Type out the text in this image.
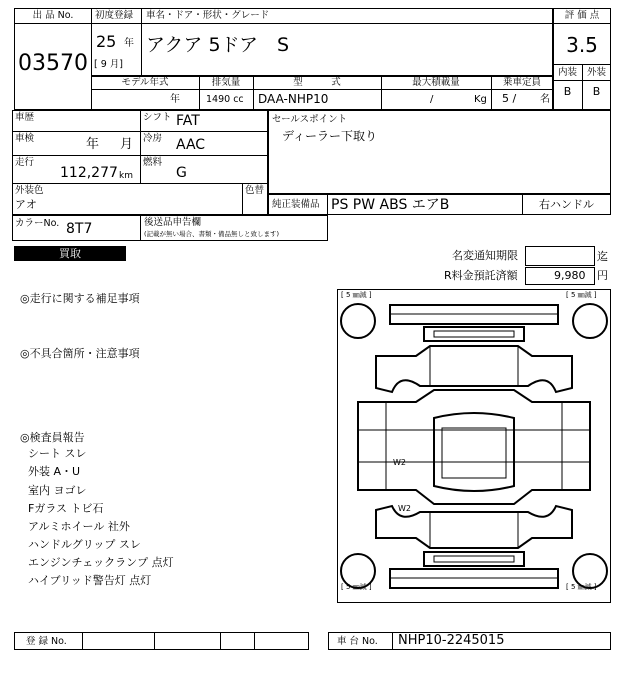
出 品 No.
03570
初度登録 車名・ドア・形状・グレード
25 年
[ 9 月]
アクア 5ドア　S
評 価 点
3.5
内装	外装
B	B
モデル年式	排気量	型　　　式	最大積載量	乗車定員
年	1490 cc DAA-NHP10	/	Kg 5 / 名
車歴	シフト FAT
車検	年 月 冷房 AAC
走行
112,277 km
燃料
G
外装色
アオ
色替
セールスポイント
ディーラー下取り
純正装備品 PS PW ABS エアB	右ハンドル
カラーNo. 8T7	後送品申告欄
(記載が無い場合、書類・備品無しと致します)
買取	名変通知期限	迄
R料金預託済額	9,980 円
◎走行に関する補足事項
◎不具合箇所・注意事項
◎検査員報告
シート スレ
外装 A・U
室内 ヨゴレ
Fガラス トビ石
アルミホイール 社外
ハンドルグリップ スレ
エンジンチェックランプ 点灯
ハイブリッド警告灯 点灯
[ 5 ㎜減 ]	[ 5 ㎜減 ]
[ 5 ㎜減 ]	[ 5 ㎜減 ]
W2
W2
登 録 No.	車 台 No. NHP10-2245015
